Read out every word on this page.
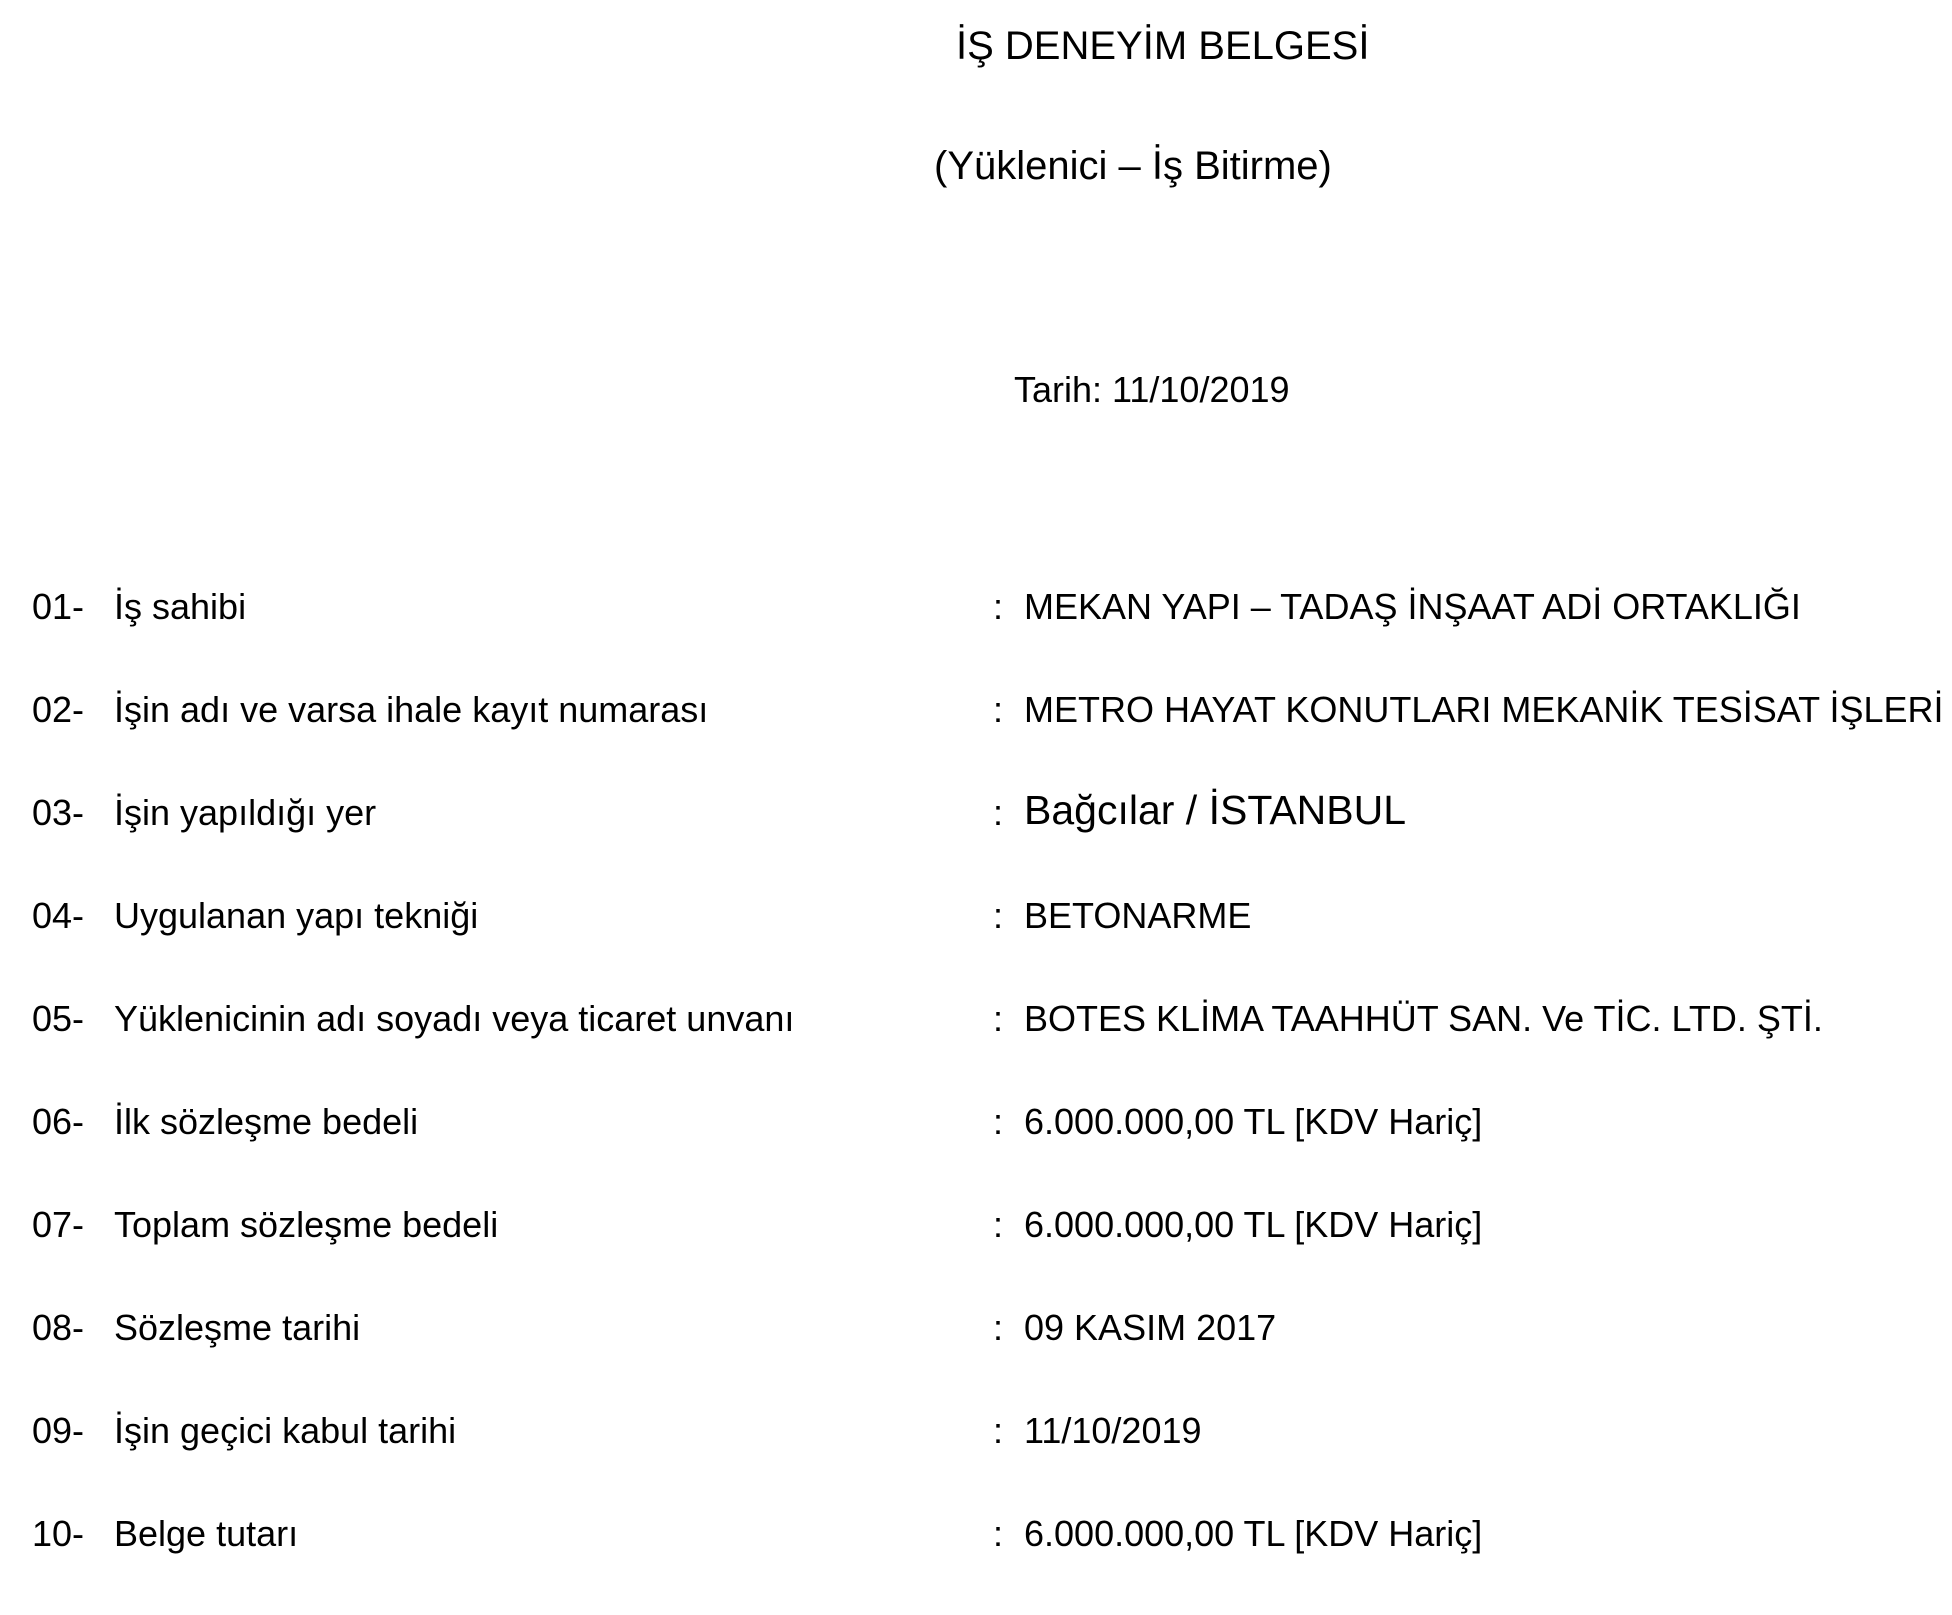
İŞ DENEYİM BELGESİ
(Yüklenici – İş Bitirme)
Tarih: 11/10/2019
01- İş sahibi	: MEKAN YAPI – TADAŞ İNŞAAT ADİ ORTAKLIĞI
02- İşin adı ve varsa ihale kayıt numarası	: METRO HAYAT KONUTLARI MEKANİK TESİSAT İŞLERİ
03- İşin yapıldığı yer	: Bağcılar / İSTANBUL
04- Uygulanan yapı tekniği	: BETONARME
05- Yüklenicinin adı soyadı veya ticaret unvanı	: BOTES KLİMA TAAHHÜT SAN. Ve TİC. LTD. ŞTİ.
06- İlk sözleşme bedeli	: 6.000.000,00 TL [KDV Hariç]
07- Toplam sözleşme bedeli	: 6.000.000,00 TL [KDV Hariç]
08- Sözleşme tarihi	: 09 KASIM 2017
09- İşin geçici kabul tarihi	: 11/10/2019
10- Belge tutarı	: 6.000.000,00 TL [KDV Hariç]
